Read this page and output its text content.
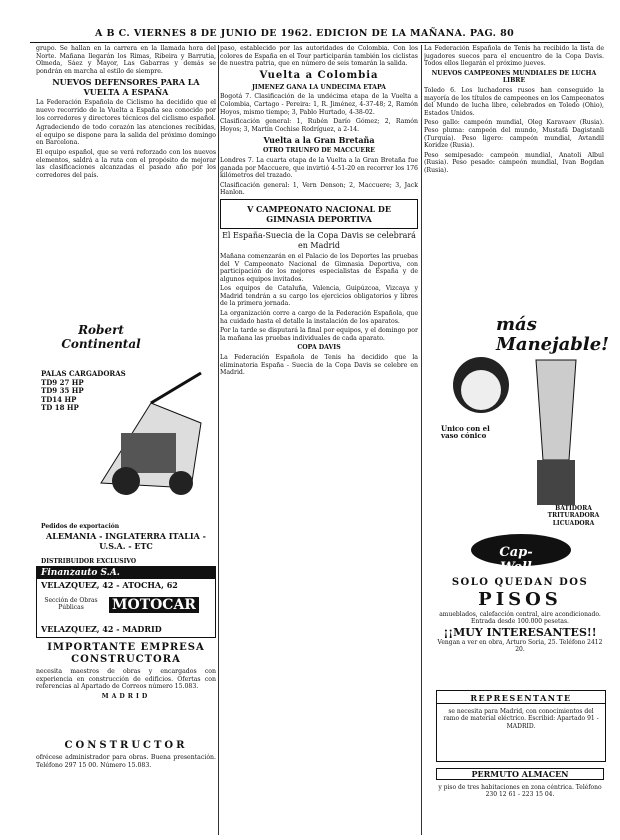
A B C. VIERNES 8 DE JUNIO DE 1962. EDICION DE LA MAÑANA. PAG. 80

grupo. Se hallan en la carrera en la llamada hora del Norte. Mañana llegarán los Rimas, Ribeira y Barrutia, Olmeda, Sáez y Mayor, Las Gabarras y demás se pondrán en marcha al estilo de siempre.

NUEVOS DEFENSORES PARA LA VUELTA A ESPAÑA

La Federación Española de Ciclismo ha decidido que el nuevo recorrido de la Vuelta a España sea conocido por los corredores y directores técnicos del ciclismo español.

Agradeciendo de todo corazón las atenciones recibidas, el equipo se dispone para la salida del próximo domingo en Barcelona.

El equipo español, que se verá reforzado con los nuevos elementos, saldrá a la ruta con el propósito de mejorar las clasificaciones alcanzadas el pasado año por los corredores del país.

Robert Continental
PALAS CARGADORAS
TD9 27 HP
TD9 35 HP
TD14 HP
TD 18 HP
Pedidos de exportación
ALEMANIA - INGLATERRA ITALIA - U.S.A. - ETC
DISTRIBUIDOR EXCLUSIVO
Finanzauto S.A.
VELAZQUEZ, 42 - ATOCHA, 62
Sección de Obras Públicas	MOTOCAR
VELAZQUEZ, 42 - MADRID
IMPORTANTE EMPRESA CONSTRUCTORA

necesita maestros de obras y encargados con experiencia en construcción de edificios. Ofertas con referencias al Apartado de Correos número 15.083.

MADRID
CONSTRUCTOR

ofrécese administrador para obras. Buena presentación. Teléfono 297 15 00. Número 15.083.

paso, establecido por las autoridades de Colombia. Con los colores de España en el Tour participarán también los ciclistas de nuestra patria, que en número de seis tomarán la salida.

Vuelta a Colombia
JIMENEZ GANA LA UNDECIMA ETAPA

Bogotá 7. Clasificación de la undécima etapa de la Vuelta a Colombia, Cartago - Pereira: 1, R. Jiménez, 4-37-48; 2, Ramón Hoyos, mismo tiempo; 3, Pablo Hurtado, 4-38-02.

Clasificación general: 1, Rubén Darío Gómez; 2, Ramón Hoyos; 3, Martín Cochise Rodríguez, a 2-14.

Vuelta a la Gran Bretaña
OTRO TRIUNFO DE MACCUERE

Londres 7. La cuarta etapa de la Vuelta a la Gran Bretaña fue ganada por Maccuere, que invirtió 4-51-20 en recorrer los 176 kilómetros del trazado.

Clasificación general: 1, Vern Denson; 2, Maccuere; 3, Jack Hanlon.

V CAMPEONATO NACIONAL DE GIMNASIA DEPORTIVA
El España-Suecia de la Copa Davis se celebrará en Madrid

Mañana comenzarán en el Palacio de los Deportes las pruebas del V Campeonato Nacional de Gimnasia Deportiva, con participación de los mejores especialistas de España y de algunos equipos invitados.

Los equipos de Cataluña, Valencia, Guipúzcoa, Vizcaya y Madrid tendrán a su cargo los ejercicios obligatorios y libres de la primera jornada.

La organización corre a cargo de la Federación Española, que ha cuidado hasta el detalle la instalación de los aparatos.

Por la tarde se disputará la final por equipos, y el domingo por la mañana las pruebas individuales de cada aparato.

COPA DAVIS

La Federación Española de Tenis ha decidido que la eliminatoria España - Suecia de la Copa Davis se celebre en Madrid.

La Federación Española de Tenis ha recibido la lista de jugadores suecos para el encuentro de la Copa Davis. Todos ellos llegarán el próximo jueves.

NUEVOS CAMPEONES MUNDIALES DE LUCHA LIBRE

Toledo 6. Los luchadores rusos han conseguido la mayoría de los títulos de campeones en los Campeonatos del Mundo de lucha libre, celebrados en Toledo (Ohio), Estados Unidos.

Peso gallo: campeón mundial, Oleg Karavaev (Rusia). Peso pluma: campeón del mundo, Mustafá Dagistanli (Turquía). Peso ligero: campeón mundial, Avtandil Koridze (Rusia).

Peso semipesado: campeón mundial, Anatoli Albul (Rusia). Peso pesado: campeón mundial, Ivan Bogdan (Rusia).

más Manejable!
Unico con el vaso cónico
BATIDORA TRITURADORA LICUADORA
Cap-Well
SOLO QUEDAN DOS
PISOS
amueblados, calefacción central, aire acondicionado. Entrada desde 100.000 pesetas.
¡¡MUY INTERESANTES!!
Vengan a ver en obra, Arturo Soria, 25. Teléfono 2412 20.
REPRESENTANTE
se necesita para Madrid, con conocimientos del ramo de material eléctrico. Escribid: Apartado 91 - MADRID.
PERMUTO ALMACEN
y piso de tres habitaciones en zona céntrica. Teléfono 230 12 61 - 223 15 04.
